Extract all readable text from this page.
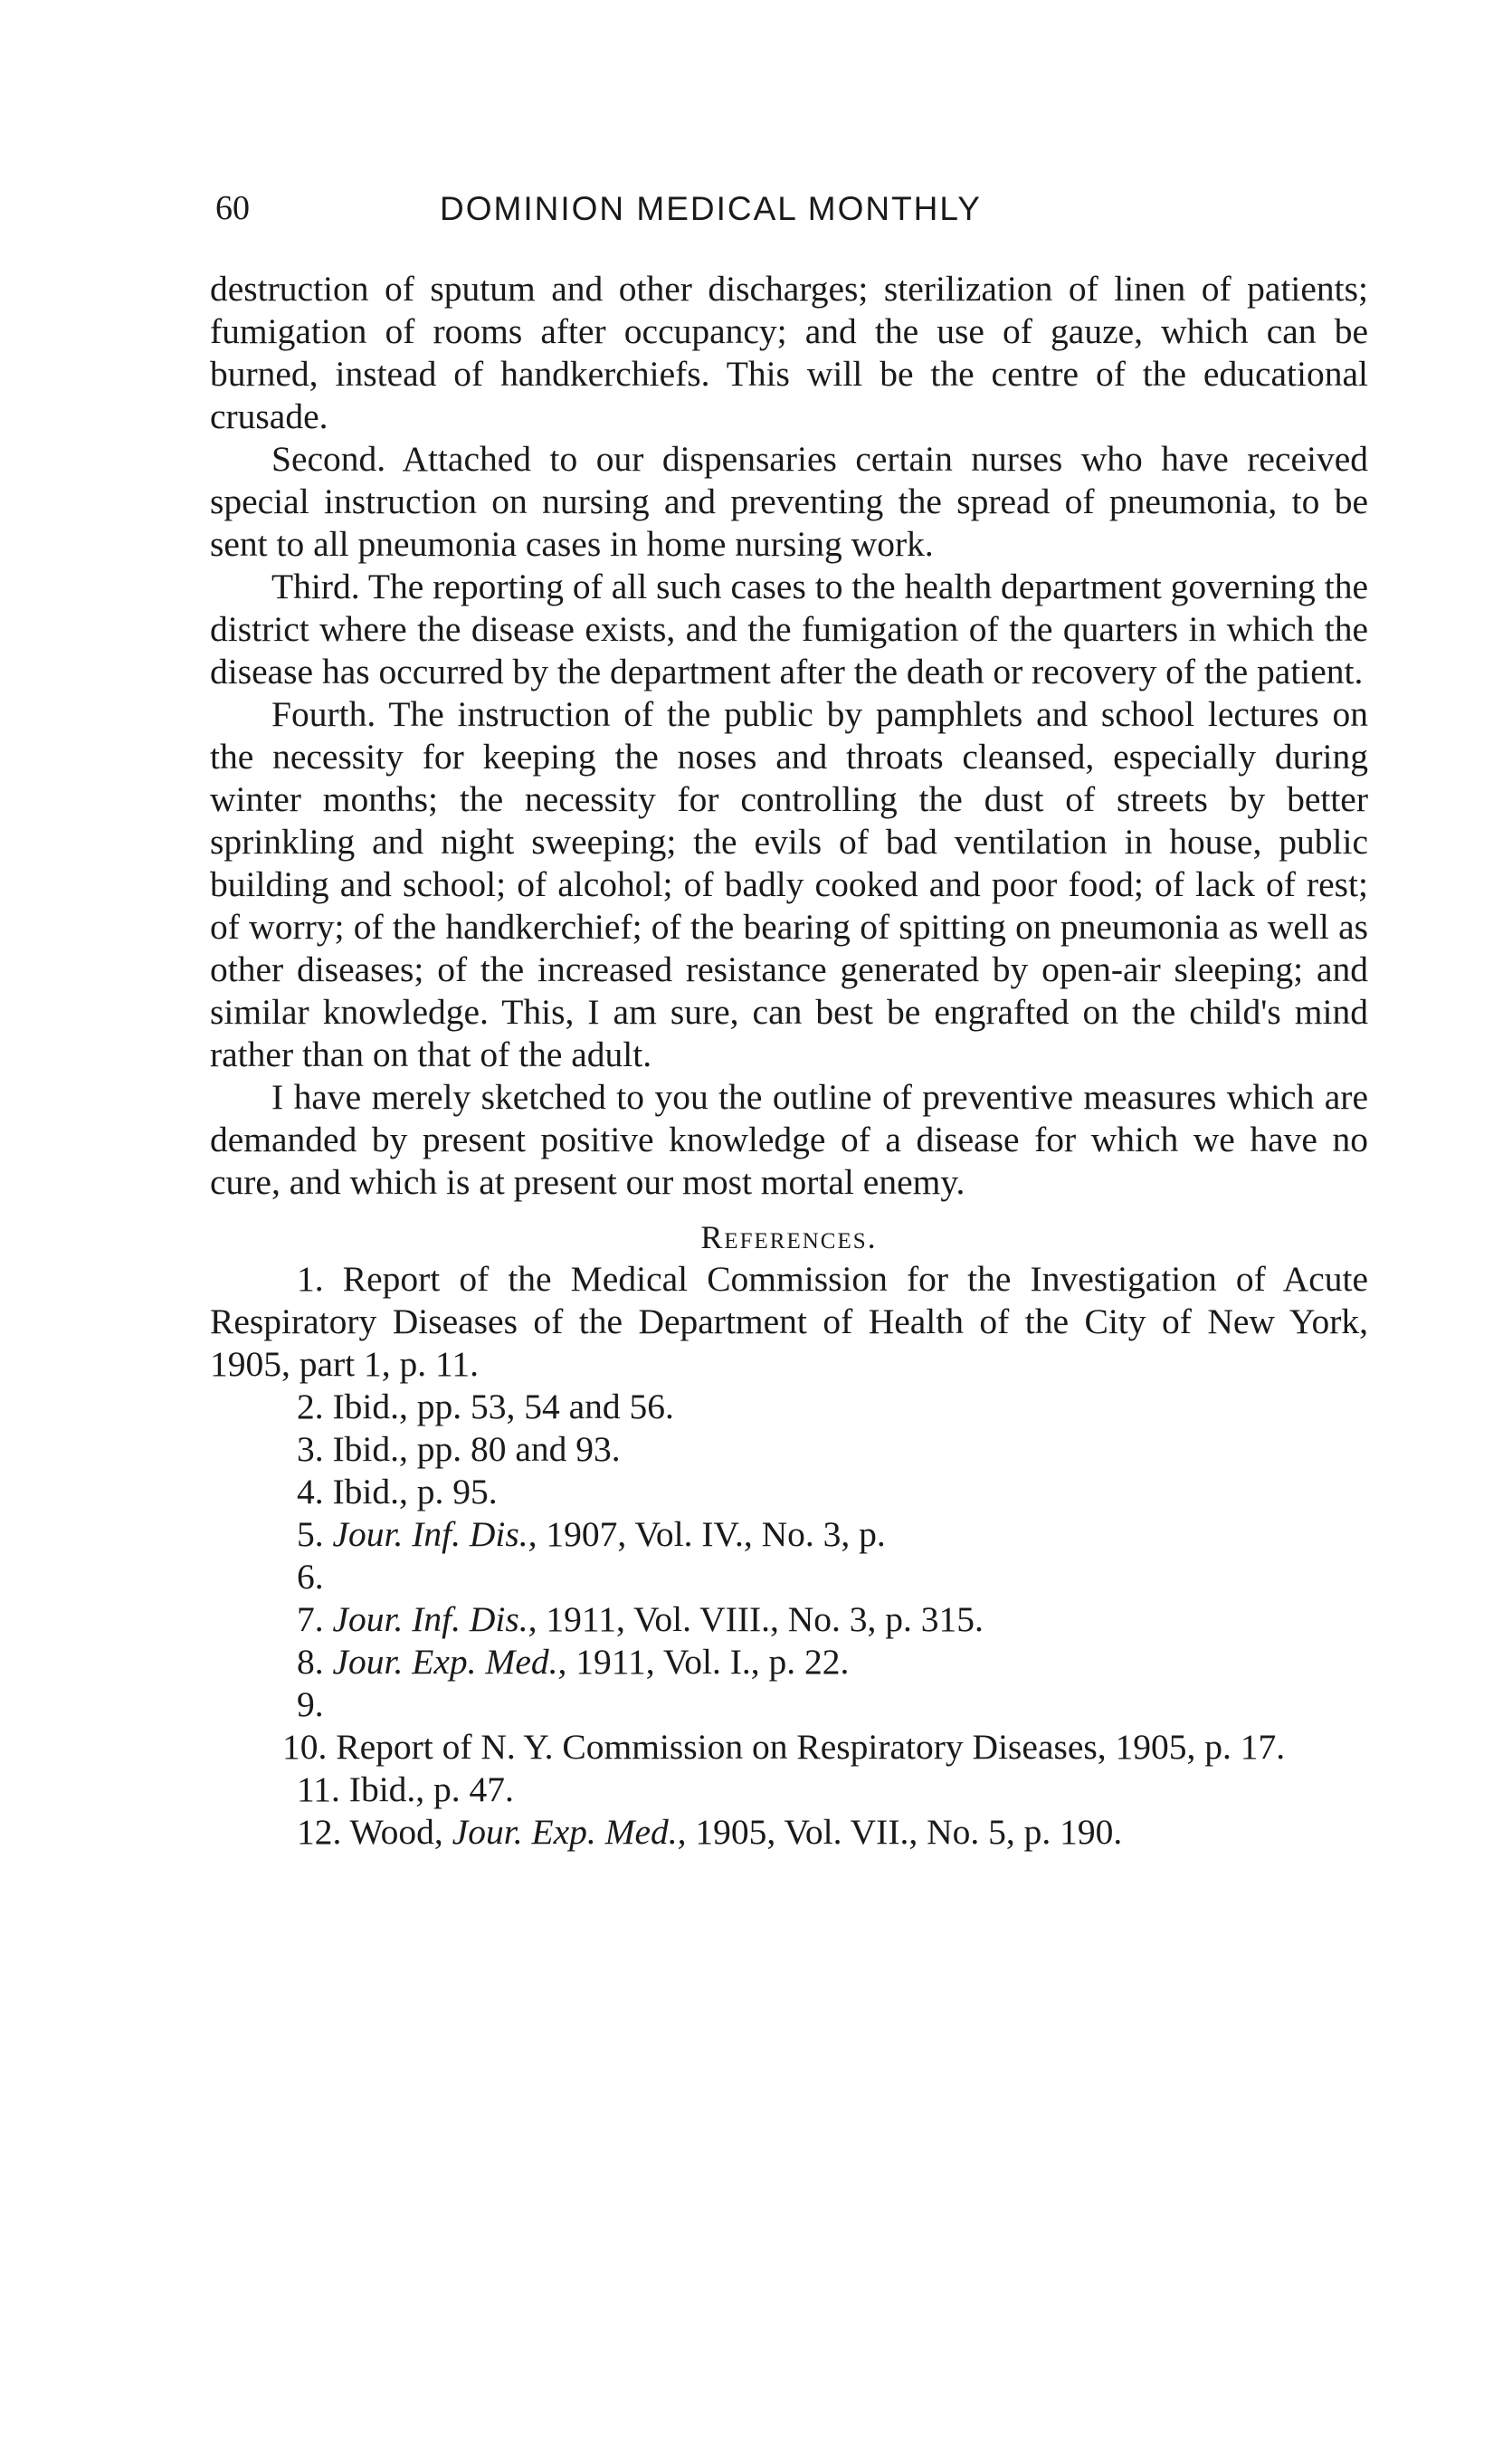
60	DOMINION MEDICAL MONTHLY

destruction of sputum and other discharges; sterilization of linen of patients; fumigation of rooms after occupancy; and the use of gauze, which can be burned, instead of handkerchiefs. This will be the centre of the educational crusade.

Second. Attached to our dispensaries certain nurses who have received special instruction on nursing and preventing the spread of pneumonia, to be sent to all pneumonia cases in home nursing work.

Third. The reporting of all such cases to the health department governing the district where the disease exists, and the fumigation of the quarters in which the disease has occurred by the department after the death or recovery of the patient.

Fourth. The instruction of the public by pamphlets and school lectures on the necessity for keeping the noses and throats cleansed, especially during winter months; the necessity for controlling the dust of streets by better sprinkling and night sweeping; the evils of bad ventilation in house, public building and school; of alcohol; of badly cooked and poor food; of lack of rest; of worry; of the handkerchief; of the bearing of spitting on pneumonia as well as other diseases; of the increased resistance generated by open-air sleeping; and similar knowledge. This, I am sure, can best be engrafted on the child's mind rather than on that of the adult.

I have merely sketched to you the outline of preventive measures which are demanded by present positive knowledge of a disease for which we have no cure, and which is at present our most mortal enemy.

References.
1. Report of the Medical Commission for the Investigation of Acute Respiratory Diseases of the Department of Health of the City of New York, 1905, part 1, p. 11.
2. Ibid., pp. 53, 54 and 56.
3. Ibid., pp. 80 and 93.
4. Ibid., p. 95.
5. Jour. Inf. Dis., 1907, Vol. IV., No. 3, p.
6.
7. Jour. Inf. Dis., 1911, Vol. VIII., No. 3, p. 315.
8. Jour. Exp. Med., 1911, Vol. I., p. 22.
9.
10. Report of N. Y. Commission on Respiratory Diseases, 1905, p. 17.
11. Ibid., p. 47.
12. Wood, Jour. Exp. Med., 1905, Vol. VII., No. 5, p. 190.
